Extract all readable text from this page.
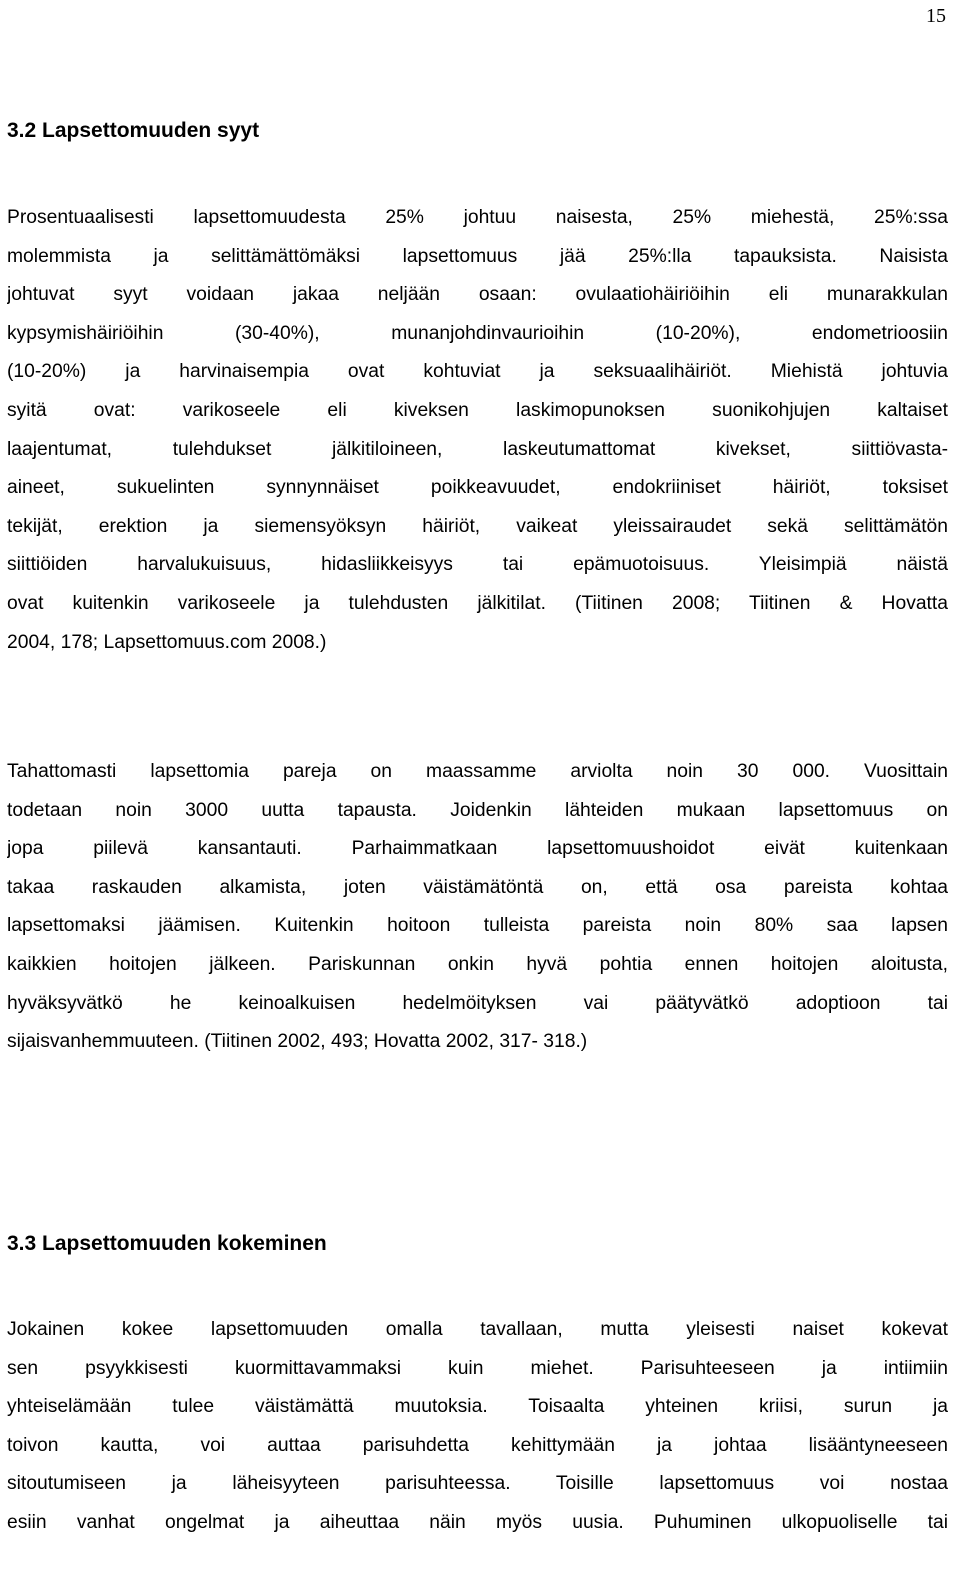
15
3.2 Lapsettomuuden syyt

Prosentuaalisesti lapsettomuudesta 25% johtuu naisesta, 25% miehestä, 25%:ssa
molemmista ja selittämättömäksi lapsettomuus jää 25%:lla tapauksista. Naisista
johtuvat syyt voidaan jakaa neljään osaan: ovulaatiohäiriöihin eli munarakkulan
kypsymishäiriöihin (30-40%), munanjohdinvaurioihin (10-20%), endometrioosiin
(10-20%) ja harvinaisempia ovat kohtuviat ja seksuaalihäiriöt. Miehistä johtuvia
syitä ovat: varikoseele eli kiveksen laskimopunoksen suonikohjujen kaltaiset
laajentumat, tulehdukset jälkitiloineen, laskeutumattomat kivekset, siittiövasta-
aineet, sukuelinten synnynnäiset poikkeavuudet, endokriiniset häiriöt, toksiset
tekijät, erektion ja siemensyöksyn häiriöt, vaikeat yleissairaudet sekä selittämätön
siittiöiden harvalukuisuus, hidasliikkeisyys tai epämuotoisuus. Yleisimpiä näistä
ovat kuitenkin varikoseele ja tulehdusten jälkitilat. (Tiitinen 2008; Tiitinen & Hovatta
2004, 178; Lapsettomuus.com 2008.)

Tahattomasti lapsettomia pareja on maassamme arviolta noin 30 000. Vuosittain
todetaan noin 3000 uutta tapausta. Joidenkin lähteiden mukaan lapsettomuus on
jopa piilevä kansantauti. Parhaimmatkaan lapsettomuushoidot eivät kuitenkaan
takaa raskauden alkamista, joten väistämätöntä on, että osa pareista kohtaa
lapsettomaksi jäämisen. Kuitenkin hoitoon tulleista pareista noin 80% saa lapsen
kaikkien hoitojen jälkeen. Pariskunnan onkin hyvä pohtia ennen hoitojen aloitusta,
hyväksyvätkö he keinoalkuisen hedelmöityksen vai päätyvätkö adoptioon tai
sijaisvanhemmuuteen. (Tiitinen 2002, 493; Hovatta 2002, 317- 318.)

3.3 Lapsettomuuden kokeminen

Jokainen kokee lapsettomuuden omalla tavallaan, mutta yleisesti naiset kokevat
sen psyykkisesti kuormittavammaksi kuin miehet. Parisuhteeseen ja intiimiin
yhteiselämään tulee väistämättä muutoksia. Toisaalta yhteinen kriisi, surun ja
toivon kautta, voi auttaa parisuhdetta kehittymään ja johtaa lisääntyneeseen
sitoutumiseen ja läheisyyteen parisuhteessa. Toisille lapsettomuus voi nostaa
esiin vanhat ongelmat ja aiheuttaa näin myös uusia. Puhuminen ulkopuoliselle tai
